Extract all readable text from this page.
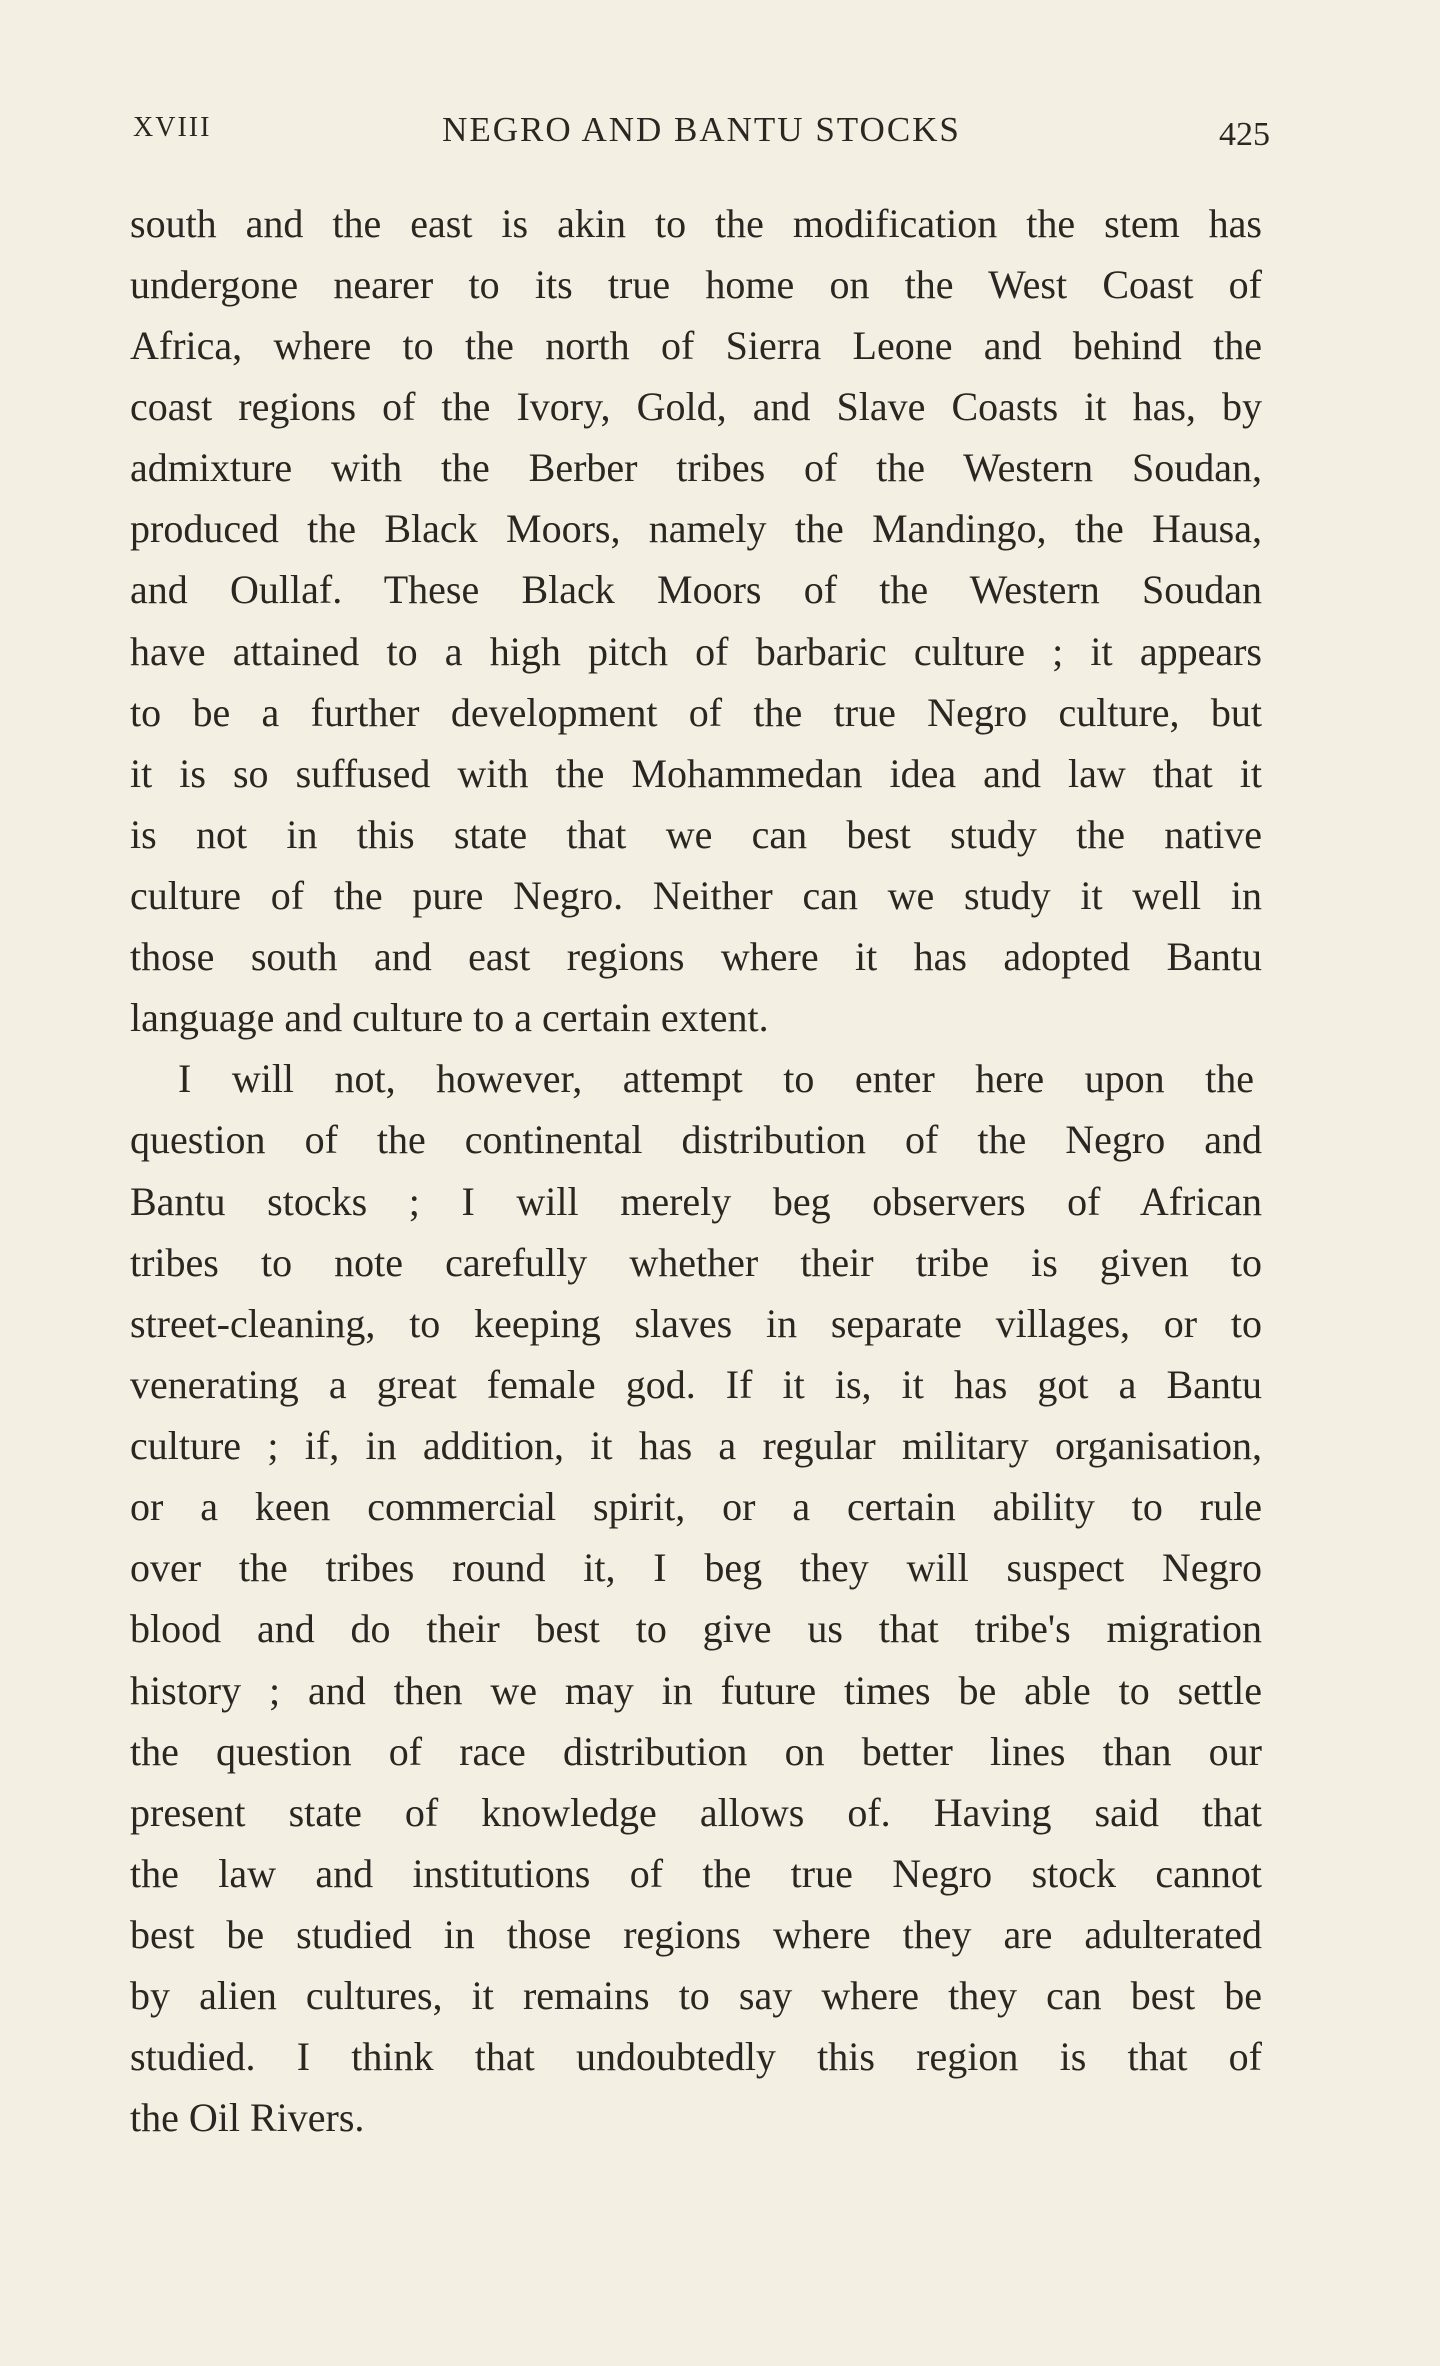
XVIII	NEGRO AND BANTU STOCKS	425
south and the east is akin to the modification the stem has
undergone nearer to its true home on the West Coast of
Africa, where to the north of Sierra Leone and behind the
coast regions of the Ivory, Gold, and Slave Coasts it has, by
admixture with the Berber tribes of the Western Soudan,
produced the Black Moors, namely the Mandingo, the Hausa,
and Oullaf. These Black Moors of the Western Soudan
have attained to a high pitch of barbaric culture ; it appears
to be a further development of the true Negro culture, but
it is so suffused with the Mohammedan idea and law that it
is not in this state that we can best study the native
culture of the pure Negro. Neither can we study it well in
those south and east regions where it has adopted Bantu
language and culture to a certain extent.
I will not, however, attempt to enter here upon the
question of the continental distribution of the Negro and
Bantu stocks ; I will merely beg observers of African
tribes to note carefully whether their tribe is given to
street-cleaning, to keeping slaves in separate villages, or to
venerating a great female god. If it is, it has got a Bantu
culture ; if, in addition, it has a regular military organisation,
or a keen commercial spirit, or a certain ability to rule
over the tribes round it, I beg they will suspect Negro
blood and do their best to give us that tribe's migration
history ; and then we may in future times be able to settle
the question of race distribution on better lines than our
present state of knowledge allows of. Having said that
the law and institutions of the true Negro stock cannot
best be studied in those regions where they are adulterated
by alien cultures, it remains to say where they can best be
studied. I think that undoubtedly this region is that of
the Oil Rivers.
